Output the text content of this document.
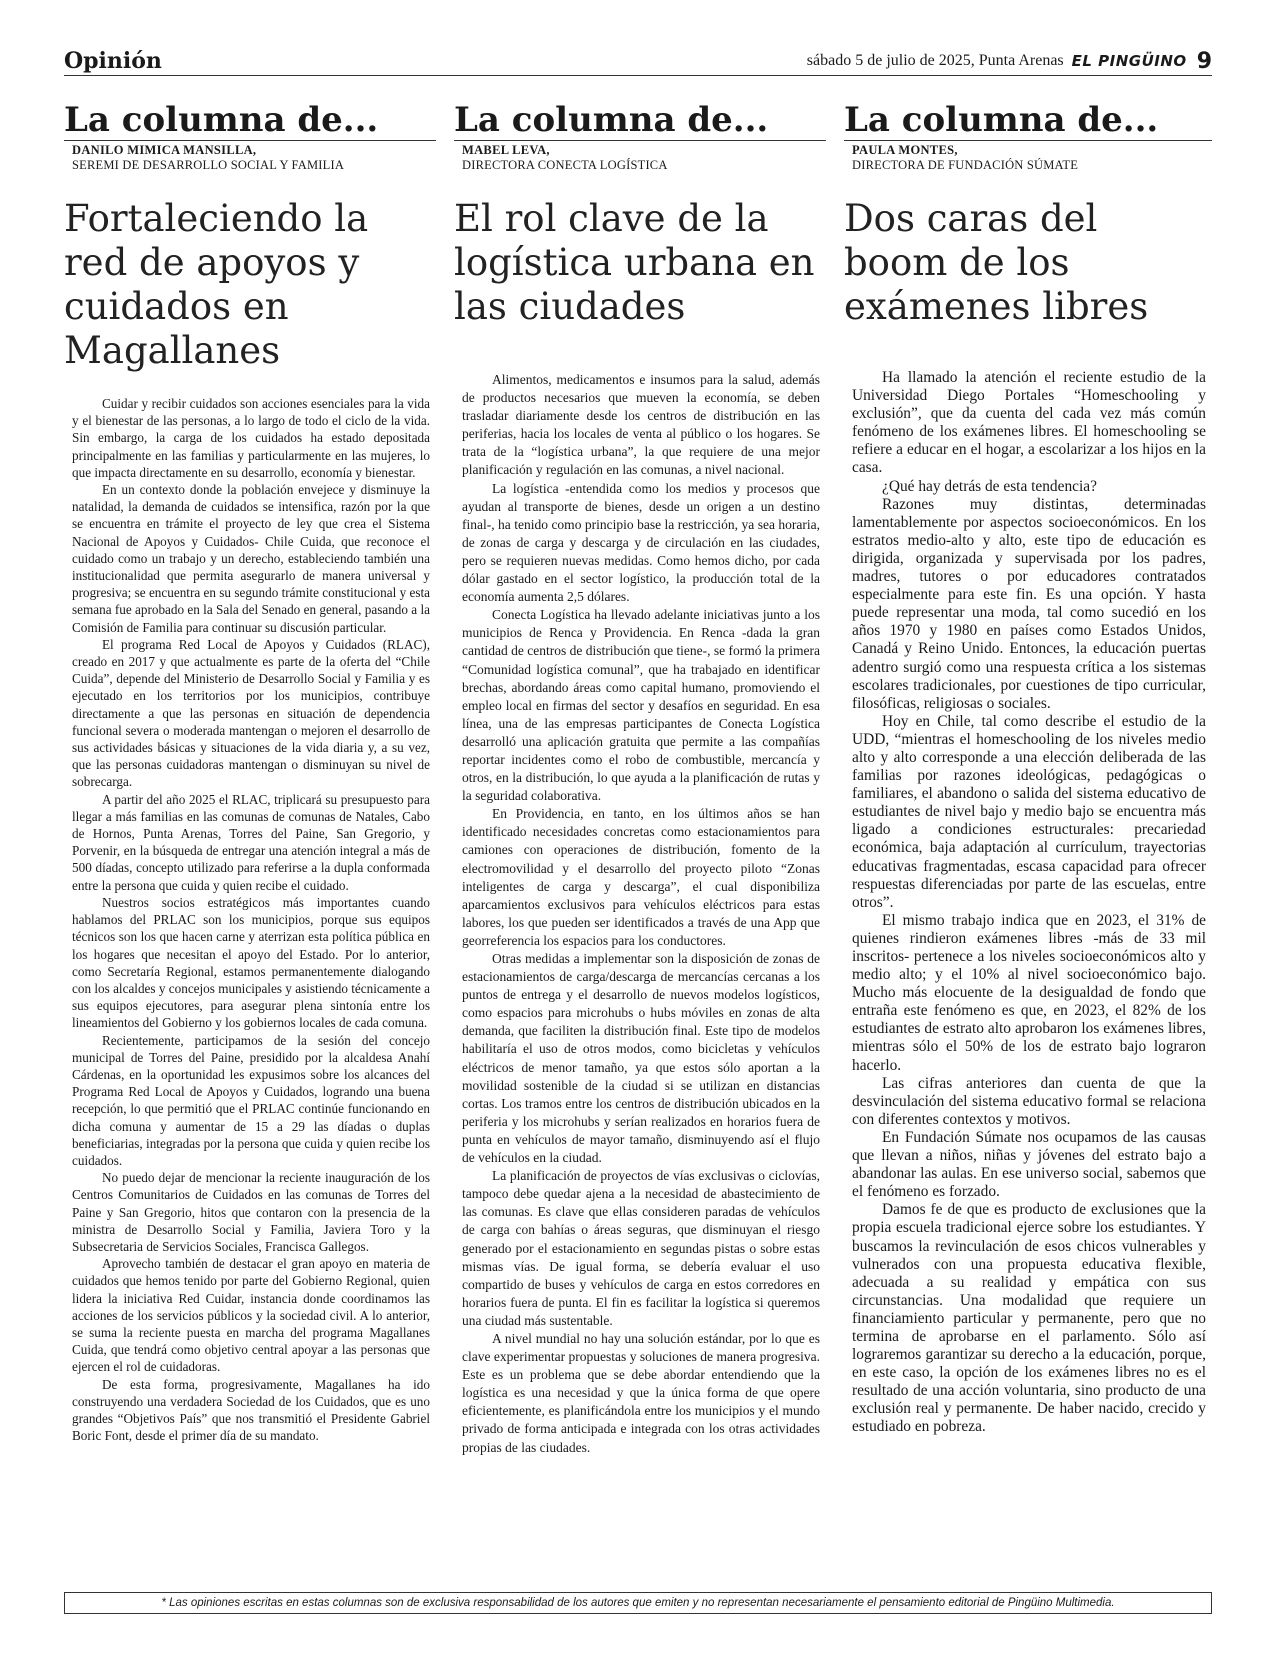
Opinión	sábado 5 de julio de 2025, Punta Arenas EL PINGÜINO 9
La columna de...
DANILO MIMICA MANSILLA,
SEREMI DE DESARROLLO SOCIAL Y FAMILIA
Fortaleciendo la red de apoyos y cuidados en Magallanes

Cuidar y recibir cuidados son acciones esenciales para la vida y el bienestar de las personas, a lo largo de todo el ciclo de la vida. Sin embargo, la carga de los cuidados ha estado depositada principalmente en las familias y particularmente en las mujeres, lo que impacta directamente en su desarrollo, economía y bienestar.

En un contexto donde la población envejece y disminuye la natalidad, la demanda de cuidados se intensifica, razón por la que se encuentra en trámite el proyecto de ley que crea el Sistema Nacional de Apoyos y Cuidados- Chile Cuida, que reconoce el cuidado como un trabajo y un derecho, estableciendo también una institucionalidad que permita asegurarlo de manera universal y progresiva; se encuentra en su segundo trámite constitucional y esta semana fue aprobado en la Sala del Senado en general, pasando a la Comisión de Familia para continuar su discusión particular.

El programa Red Local de Apoyos y Cuidados (RLAC), creado en 2017 y que actualmente es parte de la oferta del “Chile Cuida”, depende del Ministerio de Desarrollo Social y Familia y es ejecutado en los territorios por los municipios, contribuye directamente a que las personas en situación de dependencia funcional severa o moderada mantengan o mejoren el desarrollo de sus actividades básicas y situaciones de la vida diaria y, a su vez, que las personas cuidadoras mantengan o disminuyan su nivel de sobrecarga.

A partir del año 2025 el RLAC, triplicará su presupuesto para llegar a más familias en las comunas de comunas de Natales, Cabo de Hornos, Punta Arenas, Torres del Paine, San Gregorio, y Porvenir, en la búsqueda de entregar una atención integral a más de 500 díadas, concepto utilizado para referirse a la dupla conformada entre la persona que cuida y quien recibe el cuidado.

Nuestros socios estratégicos más importantes cuando hablamos del PRLAC son los municipios, porque sus equipos técnicos son los que hacen carne y aterrizan esta política pública en los hogares que necesitan el apoyo del Estado. Por lo anterior, como Secretaría Regional, estamos permanentemente dialogando con los alcaldes y concejos municipales y asistiendo técnicamente a sus equipos ejecutores, para asegurar plena sintonía entre los lineamientos del Gobierno y los gobiernos locales de cada comuna.

Recientemente, participamos de la sesión del concejo municipal de Torres del Paine, presidido por la alcaldesa Anahí Cárdenas, en la oportunidad les expusimos sobre los alcances del Programa Red Local de Apoyos y Cuidados, logrando una buena recepción, lo que permitió que el PRLAC continúe funcionando en dicha comuna y aumentar de 15 a 29 las díadas o duplas beneficiarias, integradas por la persona que cuida y quien recibe los cuidados.

No puedo dejar de mencionar la reciente inauguración de los Centros Comunitarios de Cuidados en las comunas de Torres del Paine y San Gregorio, hitos que contaron con la presencia de la ministra de Desarrollo Social y Familia, Javiera Toro y la Subsecretaria de Servicios Sociales, Francisca Gallegos.

Aprovecho también de destacar el gran apoyo en materia de cuidados que hemos tenido por parte del Gobierno Regional, quien lidera la iniciativa Red Cuidar, instancia donde coordinamos las acciones de los servicios públicos y la sociedad civil. A lo anterior, se suma la reciente puesta en marcha del programa Magallanes Cuida, que tendrá como objetivo central apoyar a las personas que ejercen el rol de cuidadoras.

De esta forma, progresivamente, Magallanes ha ido construyendo una verdadera Sociedad de los Cuidados, que es uno grandes “Objetivos País” que nos transmitió el Presidente Gabriel Boric Font, desde el primer día de su mandato.

La columna de...
MABEL LEVA,
DIRECTORA CONECTA LOGÍSTICA
El rol clave de la logística urbana en las ciudades

Alimentos, medicamentos e insumos para la salud, además de productos necesarios que mueven la economía, se deben trasladar diariamente desde los centros de distribución en las periferias, hacia los locales de venta al público o los hogares. Se trata de la “logística urbana”, la que requiere de una mejor planificación y regulación en las comunas, a nivel nacional.

La logística -entendida como los medios y procesos que ayudan al transporte de bienes, desde un origen a un destino final-, ha tenido como principio base la restricción, ya sea horaria, de zonas de carga y descarga y de circulación en las ciudades, pero se requieren nuevas medidas. Como hemos dicho, por cada dólar gastado en el sector logístico, la producción total de la economía aumenta 2,5 dólares.

Conecta Logística ha llevado adelante iniciativas junto a los municipios de Renca y Providencia. En Renca -dada la gran cantidad de centros de distribución que tiene-, se formó la primera “Comunidad logística comunal”, que ha trabajado en identificar brechas, abordando áreas como capital humano, promoviendo el empleo local en firmas del sector y desafíos en seguridad. En esa línea, una de las empresas participantes de Conecta Logística desarrolló una aplicación gratuita que permite a las compañías reportar incidentes como el robo de combustible, mercancía y otros, en la distribución, lo que ayuda a la planificación de rutas y la seguridad colaborativa.

En Providencia, en tanto, en los últimos años se han identificado necesidades concretas como estacionamientos para camiones con operaciones de distribución, fomento de la electromovilidad y el desarrollo del proyecto piloto “Zonas inteligentes de carga y descarga”, el cual disponibiliza aparcamientos exclusivos para vehículos eléctricos para estas labores, los que pueden ser identificados a través de una App que georreferencia los espacios para los conductores.

Otras medidas a implementar son la disposición de zonas de estacionamientos de carga/descarga de mercancías cercanas a los puntos de entrega y el desarrollo de nuevos modelos logísticos, como espacios para microhubs o hubs móviles en zonas de alta demanda, que faciliten la distribución final. Este tipo de modelos habilitaría el uso de otros modos, como bicicletas y vehículos eléctricos de menor tamaño, ya que estos sólo aportan a la movilidad sostenible de la ciudad si se utilizan en distancias cortas. Los tramos entre los centros de distribución ubicados en la periferia y los microhubs y serían realizados en horarios fuera de punta en vehículos de mayor tamaño, disminuyendo así el flujo de vehículos en la ciudad.

La planificación de proyectos de vías exclusivas o ciclovías, tampoco debe quedar ajena a la necesidad de abastecimiento de las comunas. Es clave que ellas consideren paradas de vehículos de carga con bahías o áreas seguras, que disminuyan el riesgo generado por el estacionamiento en segundas pistas o sobre estas mismas vías. De igual forma, se debería evaluar el uso compartido de buses y vehículos de carga en estos corredores en horarios fuera de punta. El fin es facilitar la logística si queremos una ciudad más sustentable.

A nivel mundial no hay una solución estándar, por lo que es clave experimentar propuestas y soluciones de manera progresiva. Este es un problema que se debe abordar entendiendo que la logística es una necesidad y que la única forma de que opere eficientemente, es planificándola entre los municipios y el mundo privado de forma anticipada e integrada con los otras actividades propias de las ciudades.

La columna de...
PAULA MONTES,
DIRECTORA DE FUNDACIÓN SÚMATE
Dos caras del boom de los exámenes libres

Ha llamado la atención el reciente estudio de la Universidad Diego Portales “Homeschooling y exclusión”, que da cuenta del cada vez más común fenómeno de los exámenes libres. El homeschooling se refiere a educar en el hogar, a escolarizar a los hijos en la casa.

¿Qué hay detrás de esta tendencia?

Razones muy distintas, determinadas lamentablemente por aspectos socioeconómicos. En los estratos medio-alto y alto, este tipo de educación es dirigida, organizada y supervisada por los padres, madres, tutores o por educadores contratados especialmente para este fin. Es una opción. Y hasta puede representar una moda, tal como sucedió en los años 1970 y 1980 en países como Estados Unidos, Canadá y Reino Unido. Entonces, la educación puertas adentro surgió como una respuesta crítica a los sistemas escolares tradicionales, por cuestiones de tipo curricular, filosóficas, religiosas o sociales.

Hoy en Chile, tal como describe el estudio de la UDD, “mientras el homeschooling de los niveles medio alto y alto corresponde a una elección deliberada de las familias por razones ideológicas, pedagógicas o familiares, el abandono o salida del sistema educativo de estudiantes de nivel bajo y medio bajo se encuentra más ligado a condiciones estructurales: precariedad económica, baja adaptación al currículum, trayectorias educativas fragmentadas, escasa capacidad para ofrecer respuestas diferenciadas por parte de las escuelas, entre otros”.

El mismo trabajo indica que en 2023, el 31% de quienes rindieron exámenes libres -más de 33 mil inscritos- pertenece a los niveles socioeconómicos alto y medio alto; y el 10% al nivel socioeconómico bajo. Mucho más elocuente de la desigualdad de fondo que entraña este fenómeno es que, en 2023, el 82% de los estudiantes de estrato alto aprobaron los exámenes libres, mientras sólo el 50% de los de estrato bajo lograron hacerlo.

Las cifras anteriores dan cuenta de que la desvinculación del sistema educativo formal se relaciona con diferentes contextos y motivos.

En Fundación Súmate nos ocupamos de las causas que llevan a niños, niñas y jóvenes del estrato bajo a abandonar las aulas. En ese universo social, sabemos que el fenómeno es forzado.

Damos fe de que es producto de exclusiones que la propia escuela tradicional ejerce sobre los estudiantes. Y buscamos la revinculación de esos chicos vulnerables y vulnerados con una propuesta educativa flexible, adecuada a su realidad y empática con sus circunstancias. Una modalidad que requiere un financiamiento particular y permanente, pero que no termina de aprobarse en el parlamento. Sólo así lograremos garantizar su derecho a la educación, porque, en este caso, la opción de los exámenes libres no es el resultado de una acción voluntaria, sino producto de una exclusión real y permanente. De haber nacido, crecido y estudiado en pobreza.

* Las opiniones escritas en estas columnas son de exclusiva responsabilidad de los autores que emiten y no representan necesariamente el pensamiento editorial de Pingüino Multimedia.
